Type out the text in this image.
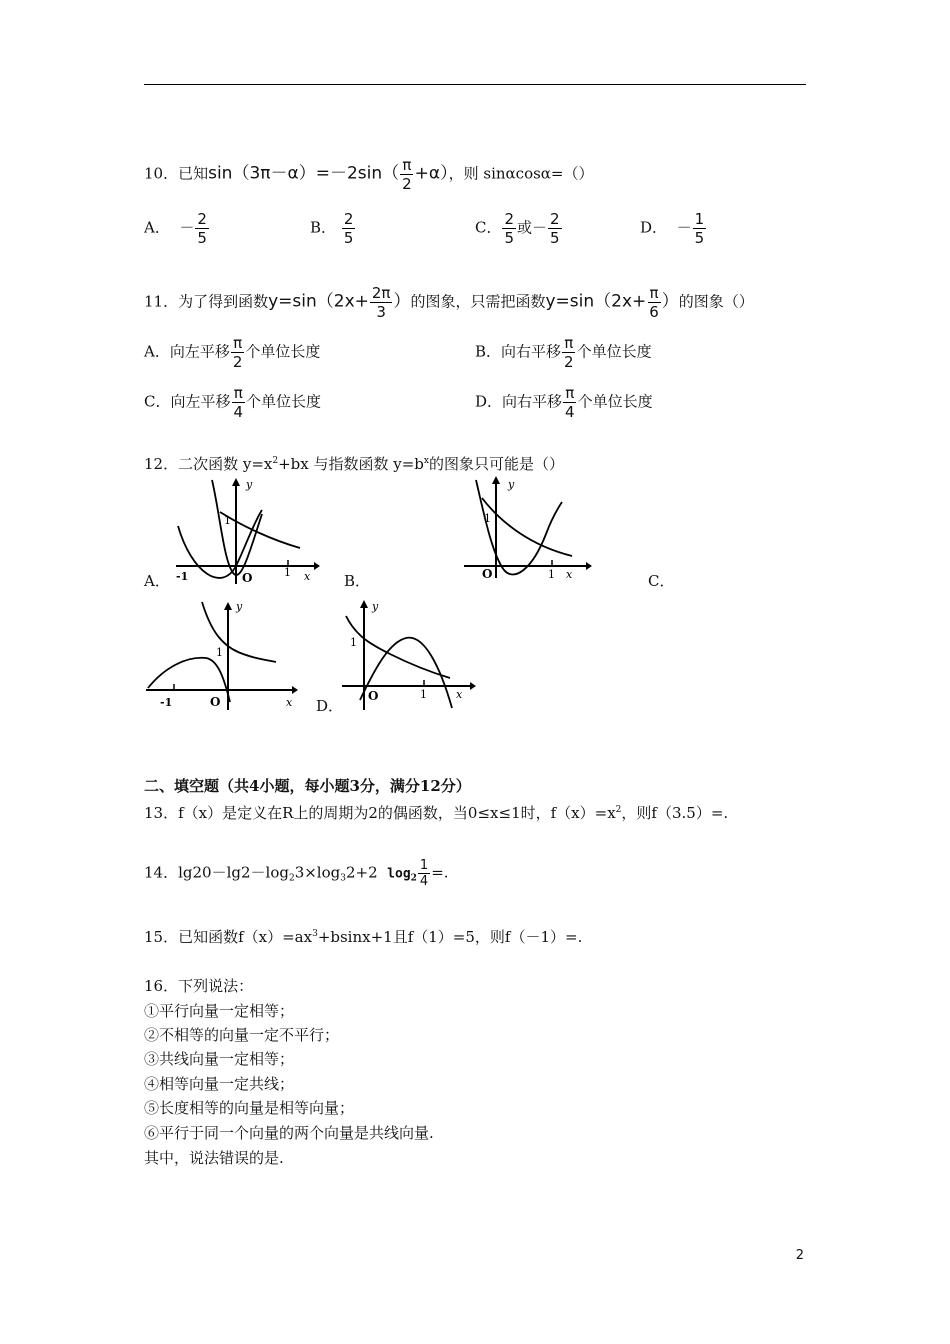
10．已知$\sin(3\pi-\alpha)=-2\sin( \frac{\pi}{2} +\alpha)$，则 sinαcosα=（）
A． － $\frac{2}{5}$	B． $\frac{2}{5}$	C． $\frac{2}{5}$ 或－ $\frac{2}{5}$	D． － $\frac{1}{5}$
11．为了得到函数$y=\sin(2x+ \frac{2\pi}{3}$ ）的图象，只需把函数$y=\sin(2x+ \frac{\pi}{6}$ ）的图象（）
A．向左平移 $\frac{\pi}{2}$ 个单位长度	B．向右平移 $\frac{\pi}{2}$ 个单位长度
C．向左平移 $\frac{\pi}{4}$ 个单位长度	D．向右平移 $\frac{\pi}{4}$ 个单位长度
12．二次函数 $y=x^2+bx$ 与指数函数 $y=b^x$的图象只可能是（）
A．	B．	C．
D．
y
1
-1	O	1 x
y
1
O	1 x
y
1
-1	O	x
y
1
O	1	x
二、填空题（共4小题，每小题3分，满分12分）
13．f（x）是定义在R上的周期为2的偶函数，当0≤x≤1时，$f(x)=x^2$，则f（3.5）=.
14．$\lg 20-\lg 2-\log_23\times\log_32+2$ $\log_2 \frac{1}{4}$ =.
15．已知函数$f(x)=ax^3+bsinx+1$且f（1）=5，则f（－1）=.
16．下列说法：
①平行向量一定相等；
②不相等的向量一定不平行；
③共线向量一定相等；
④相等向量一定共线；
⑤长度相等的向量是相等向量；
⑥平行于同一个向量的两个向量是共线向量.
其中，说法错误的是.
2
